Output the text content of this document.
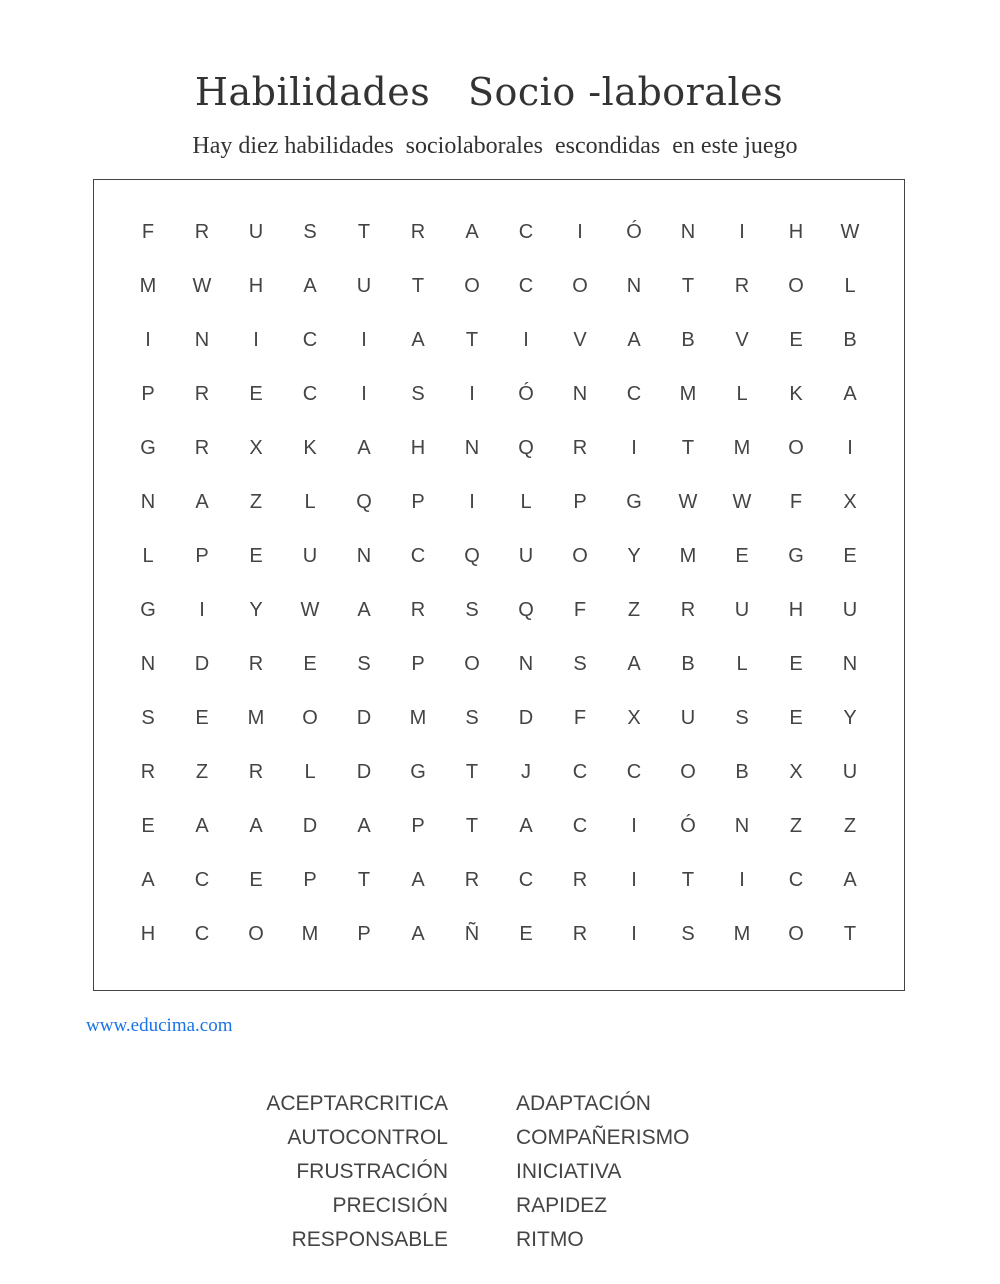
Habilidades   Socio -laborales
Hay diez habilidades  sociolaborales  escondidas  en este juego
F	R	U	S	T	R	A	C	I	Ó	N	I	H	W
M	W	H	A	U	T	O	C	O	N	T	R	O	L
I	N	I	C	I	A	T	I	V	A	B	V	E	B
P	R	E	C	I	S	I	Ó	N	C	M	L	K	A
G	R	X	K	A	H	N	Q	R	I	T	M	O	I
N	A	Z	L	Q	P	I	L	P	G	W	W	F	X
L	P	E	U	N	C	Q	U	O	Y	M	E	G	E
G	I	Y	W	A	R	S	Q	F	Z	R	U	H	U
N	D	R	E	S	P	O	N	S	A	B	L	E	N
S	E	M	O	D	M	S	D	F	X	U	S	E	Y
R	Z	R	L	D	G	T	J	C	C	O	B	X	U
E	A	A	D	A	P	T	A	C	I	Ó	N	Z	Z
A	C	E	P	T	A	R	C	R	I	T	I	C	A
H	C	O	M	P	A	Ñ	E	R	I	S	M	O	T
www.educima.com
ACEPTARCRITICA
AUTOCONTROL
FRUSTRACIÓN
PRECISIÓN
RESPONSABLE
ADAPTACIÓN
COMPAÑERISMO
INICIATIVA
RAPIDEZ
RITMO
